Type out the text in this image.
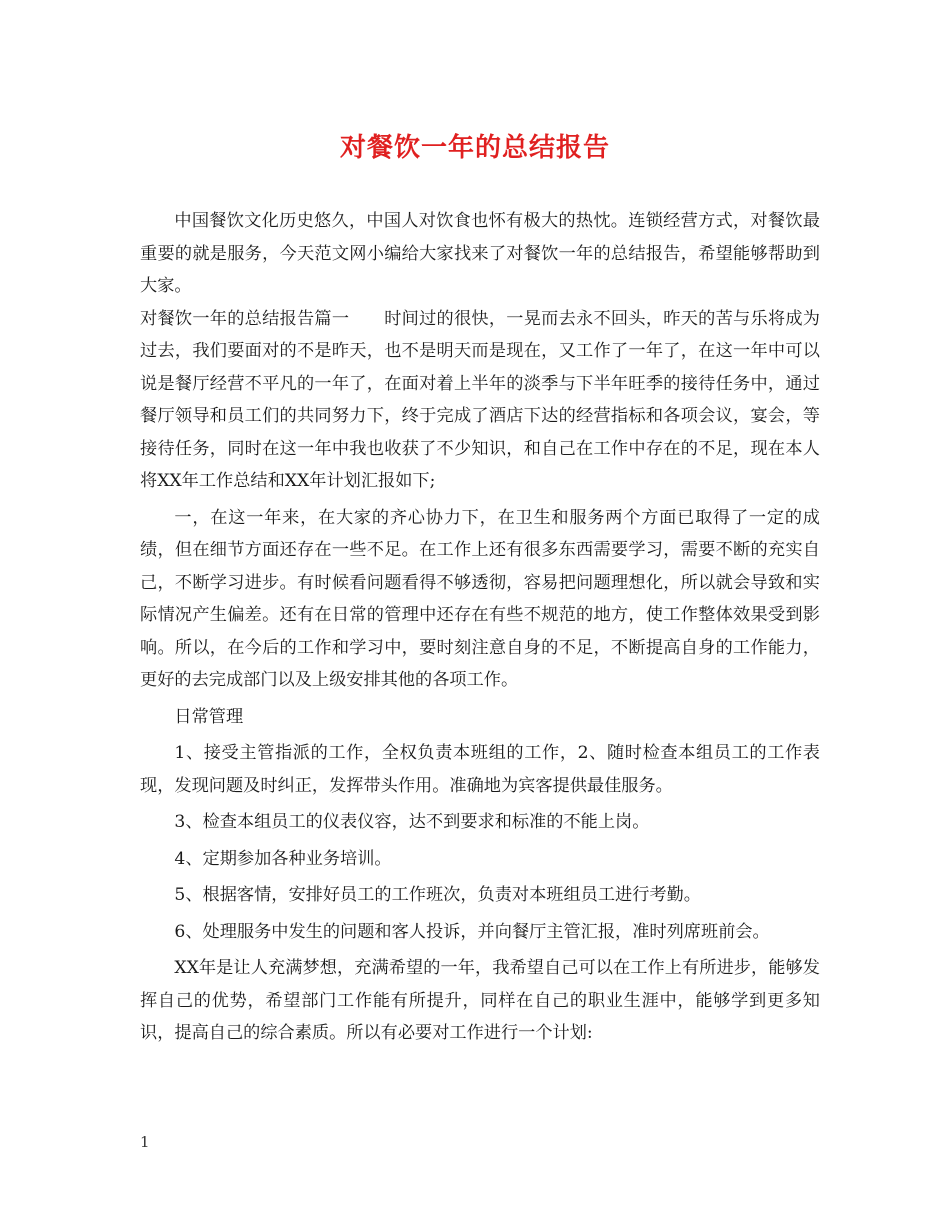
对餐饮一年的总结报告

中国餐饮文化历史悠久，中国人对饮食也怀有极大的热忱。连锁经营方式，对餐饮最重要的就是服务，今天范文网小编给大家找来了对餐饮一年的总结报告，希望能够帮助到大家。

对餐饮一年的总结报告篇一　　时间过的很快，一晃而去永不回头，昨天的苦与乐将成为过去，我们要面对的不是昨天，也不是明天而是现在，又工作了一年了，在这一年中可以说是餐厅经营不平凡的一年了，在面对着上半年的淡季与下半年旺季的接待任务中，通过餐厅领导和员工们的共同努力下，终于完成了酒店下达的经营指标和各项会议，宴会，等接待任务，同时在这一年中我也收获了不少知识，和自己在工作中存在的不足，现在本人将XX年工作总结和XX年计划汇报如下;

一，在这一年来，在大家的齐心协力下，在卫生和服务两个方面已取得了一定的成绩，但在细节方面还存在一些不足。在工作上还有很多东西需要学习，需要不断的充实自己，不断学习进步。有时候看问题看得不够透彻，容易把问题理想化，所以就会导致和实际情况产生偏差。还有在日常的管理中还存在有些不规范的地方，使工作整体效果受到影响。所以，在今后的工作和学习中，要时刻注意自身的不足，不断提高自身的工作能力，更好的去完成部门以及上级安排其他的各项工作。

日常管理

1、接受主管指派的工作，全权负责本班组的工作，2、随时检查本组员工的工作表现，发现问题及时纠正，发挥带头作用。准确地为宾客提供最佳服务。

3、检查本组员工的仪表仪容，达不到要求和标准的不能上岗。

4、定期参加各种业务培训。

5、根据客情，安排好员工的工作班次，负责对本班组员工进行考勤。

6、处理服务中发生的问题和客人投诉，并向餐厅主管汇报，准时列席班前会。

XX年是让人充满梦想，充满希望的一年，我希望自己可以在工作上有所进步，能够发挥自己的优势，希望部门工作能有所提升，同样在自己的职业生涯中，能够学到更多知识，提高自己的综合素质。所以有必要对工作进行一个计划:

1
